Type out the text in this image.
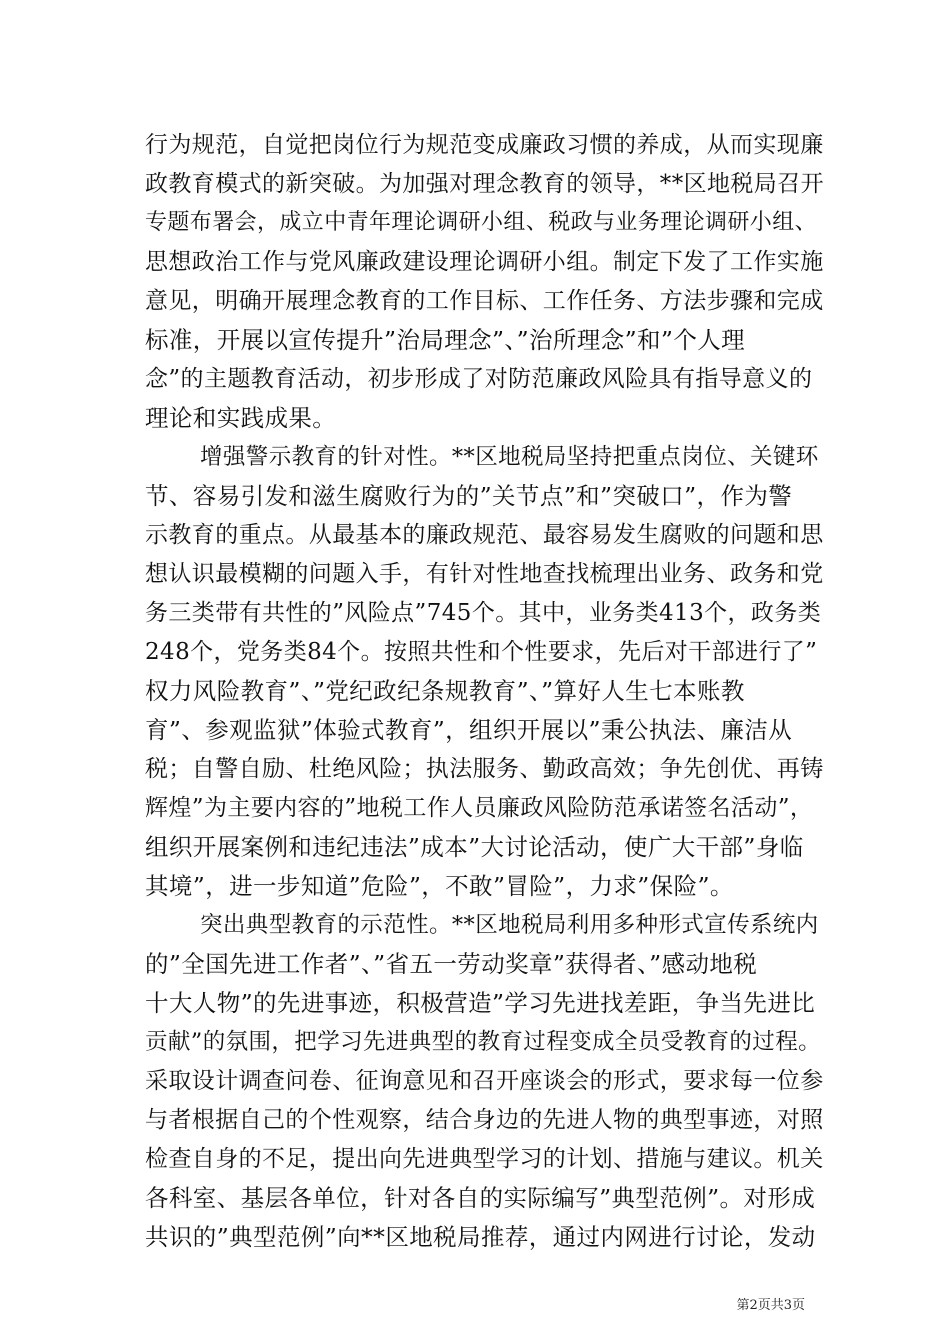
行为规范，自觉把岗位行为规范变成廉政习惯的养成，从而实现廉
政教育模式的新突破。为加强对理念教育的领导，**区地税局召开
专题布署会，成立中青年理论调研小组、税政与业务理论调研小组、
思想政治工作与党风廉政建设理论调研小组。制定下发了工作实施
意见，明确开展理念教育的工作目标、工作任务、方法步骤和完成
标准，开展以宣传提升”治局理念”、”治所理念”和”个人理
念”的主题教育活动，初步形成了对防范廉政风险具有指导意义的
理论和实践成果。
增强警示教育的针对性。**区地税局坚持把重点岗位、关键环
节、容易引发和滋生腐败行为的”关节点”和”突破口”，作为警
示教育的重点。从最基本的廉政规范、最容易发生腐败的问题和思
想认识最模糊的问题入手，有针对性地查找梳理出业务、政务和党
务三类带有共性的”风险点”745个。其中，业务类413个，政务类
248个，党务类84个。按照共性和个性要求，先后对干部进行了”
权力风险教育”、”党纪政纪条规教育”、”算好人生七本账教
育”、参观监狱”体验式教育”，组织开展以”秉公执法、廉洁从
税；自警自励、杜绝风险；执法服务、勤政高效；争先创优、再铸
辉煌”为主要内容的”地税工作人员廉政风险防范承诺签名活动”，
组织开展案例和违纪违法”成本”大讨论活动，使广大干部”身临
其境”，进一步知道”危险”，不敢”冒险”，力求”保险”。
突出典型教育的示范性。**区地税局利用多种形式宣传系统内
的”全国先进工作者”、”省五一劳动奖章”获得者、”感动地税
十大人物”的先进事迹，积极营造”学习先进找差距，争当先进比
贡献”的氛围，把学习先进典型的教育过程变成全员受教育的过程。
采取设计调查问卷、征询意见和召开座谈会的形式，要求每一位参
与者根据自己的个性观察，结合身边的先进人物的典型事迹，对照
检查自身的不足，提出向先进典型学习的计划、措施与建议。机关
各科室、基层各单位，针对各自的实际编写”典型范例”。对形成
共识的”典型范例”向**区地税局推荐，通过内网进行讨论，发动
第2页共3页
